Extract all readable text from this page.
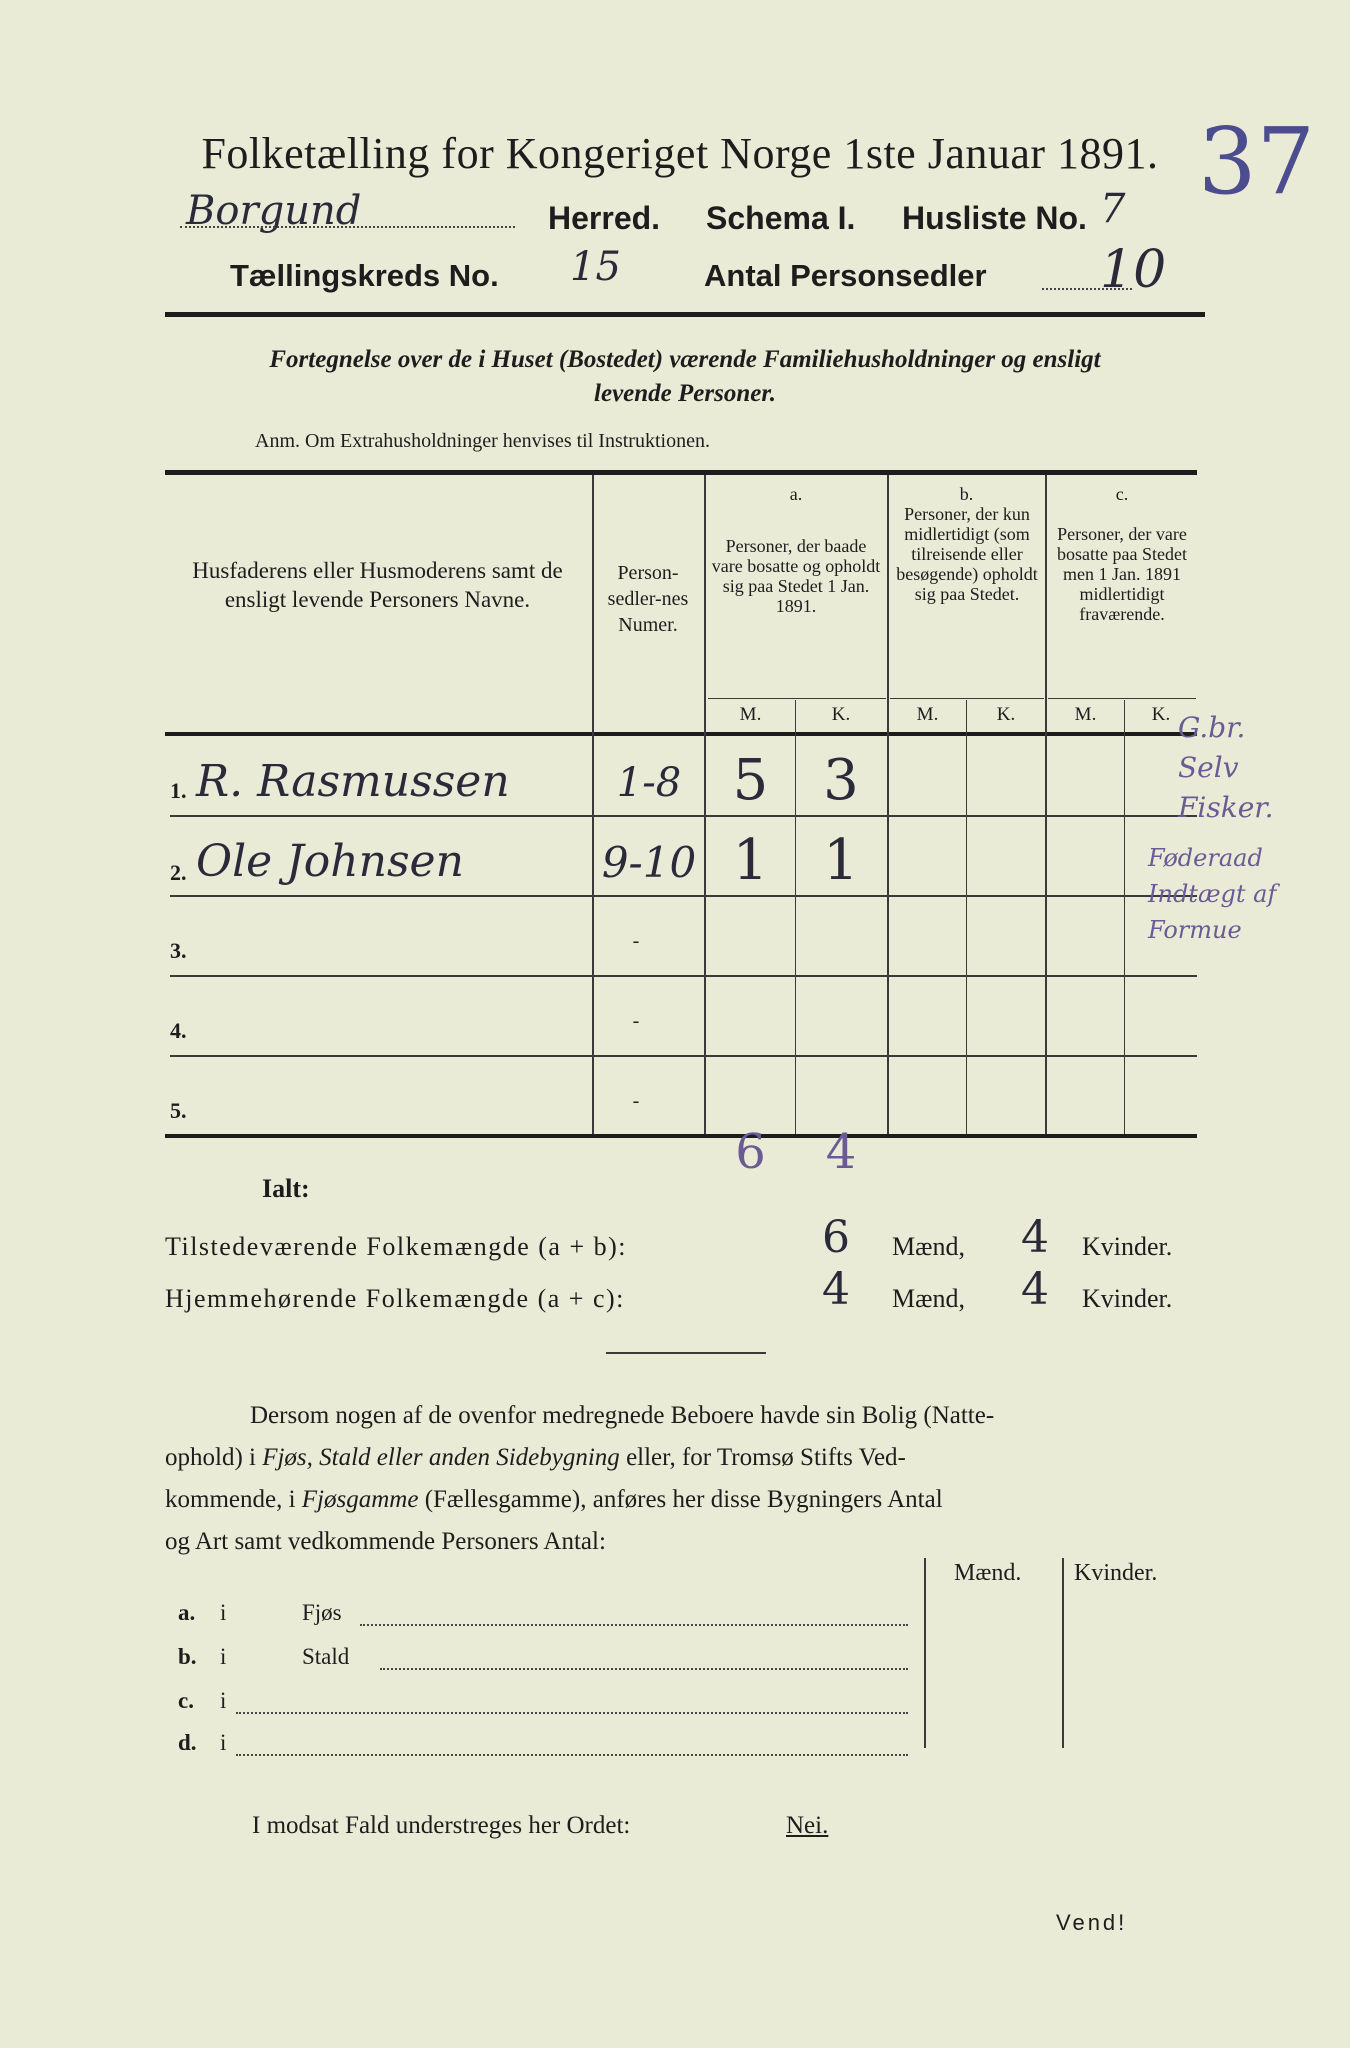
Folketælling for Kongeriget Norge 1ste Januar 1891. 37
Borgund	Herred. Schema I. Husliste No. 7
Tællingskreds No. 15	Antal Personsedler 10
Fortegnelse over de i Huset (Bostedet) værende Familiehusholdninger og ensligt
levende Personer.
Anm. Om Extrahusholdninger henvises til Instruktionen.
Husfaderens eller Husmoderens samt de ensligt levende Personers Navne.
Person-sedler-nes Numer.
a.
Personer, der baade vare bosatte og opholdt sig paa Stedet 1 Jan. 1891.
b.
Personer, der kun midlertidigt (som tilreisende eller besøgende) opholdt sig paa Stedet.
c.
Personer, der vare bosatte paa Stedet men 1 Jan. 1891 midlertidigt fraværende.
M.	K.	M.	K.	M.	K.
1. R. Rasmussen	1-8 5 3
2. Ole Johnsen	9-10 1 1
3.	-
4.	-
5.	-
G.br. Selv Fisker.
Føderaad Indtægt af Formue
6	4
Ialt:
Tilstedeværende Folkemængde (a + b):	6	Mænd,	4	Kvinder.
Hjemmehørende Folkemængde (a + c):	4	Mænd,	4	Kvinder.
Dersom nogen af de ovenfor medregnede Beboere havde sin Bolig (Natte-
ophold) i Fjøs, Stald eller anden Sidebygning eller, for Tromsø Stifts Ved-
kommende, i Fjøsgamme (Fællesgamme), anføres her disse Bygningers Antal
og Art samt vedkommende Personers Antal:
Mænd. Kvinder.
a. i	Fjøs
b. i	Stald
c. i
d. i
I modsat Fald understreges her Ordet:	Nei.
Vend!
